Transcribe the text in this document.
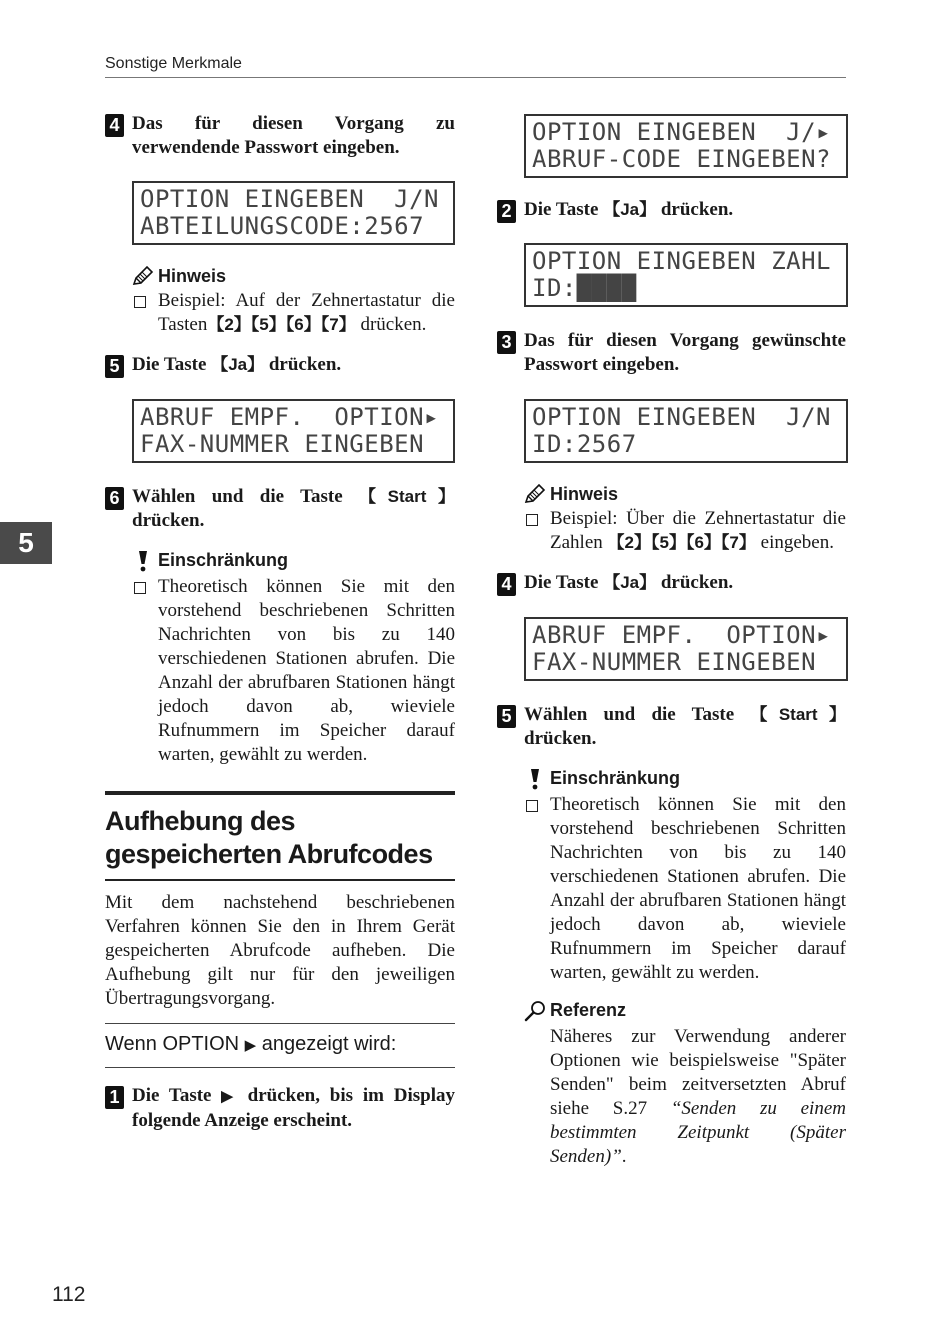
Sonstige Merkmale
4 Das für diesen Vorgang zu verwendende Passwort eingeben.
OPTION EINGEBEN  J/N
ABTEILUNGSCODE:2567
Hinweis
Beispiel: Auf der Zehnertastatur die Tasten【2】【5】【6】【7】 drücken.
5 Die Taste 【Ja】 drücken.
ABRUF EMPF.  OPTION▸
FAX-NUMMER EINGEBEN
6 Wählen und die Taste 【Start】 drücken.
Einschränkung
Theoretisch können Sie mit den vorstehend beschriebenen Schritten Nachrichten von bis zu 140 verschiedenen Stationen abrufen. Die Anzahl der abrufbaren Stationen hängt jedoch davon ab, wieviele Rufnummern im Speicher darauf warten, gewählt zu werden.
Aufhebung des gespeicherten Abrufcodes
Mit dem nachstehend beschriebenen Verfahren können Sie den in Ihrem Gerät gespeicherten Abrufcode aufheben. Die Aufhebung gilt nur für den jeweiligen Übertragungsvorgang.
Wenn OPTION ▶ angezeigt wird:
1 Die Taste ▶ drücken, bis im Display folgende Anzeige erscheint.
OPTION EINGEBEN  J/▸
ABRUF-CODE EINGEBEN?
2 Die Taste 【Ja】 drücken.
OPTION EINGEBEN ZAHL
ID:████
3 Das für diesen Vorgang gewünschte Passwort eingeben.
OPTION EINGEBEN  J/N
ID:2567
Hinweis
Beispiel: Über die Zehnertastatur die Zahlen 【2】【5】【6】【7】 eingeben.
4 Die Taste 【Ja】 drücken.
ABRUF EMPF.  OPTION▸
FAX-NUMMER EINGEBEN
5 Wählen und die Taste 【Start】 drücken.
Einschränkung
Theoretisch können Sie mit den vorstehend beschriebenen Schritten Nachrichten von bis zu 140 verschiedenen Stationen abrufen. Die Anzahl der abrufbaren Stationen hängt jedoch davon ab, wieviele Rufnummern im Speicher darauf warten, gewählt zu werden.
Referenz
Näheres zur Verwendung anderer Optionen wie beispielsweise "Später Senden" beim zeitversetzten Abruf siehe S.27 “Senden zu einem bestimmten Zeitpunkt (Später Senden)”.
5
112
